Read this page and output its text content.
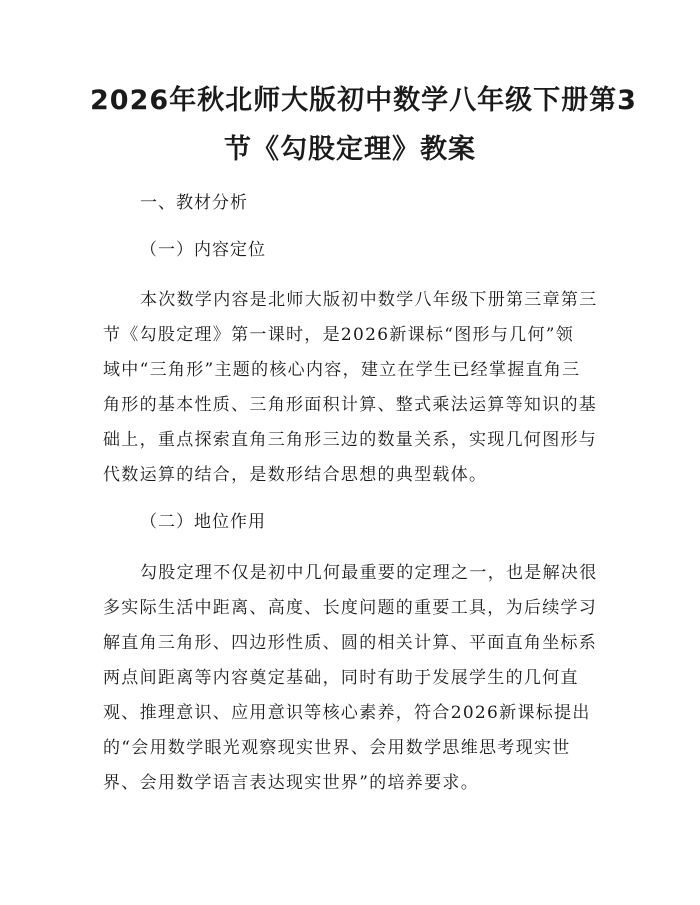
2026年秋北师大版初中数学八年级下册第3
节《勾股定理》教案

一、教材分析

（一）内容定位

本次数学内容是北师大版初中数学八年级下册第三章第三
节《勾股定理》第一课时，是2026新课标“图形与几何”领
域中“三角形”主题的核心内容，建立在学生已经掌握直角三
角形的基本性质、三角形面积计算、整式乘法运算等知识的基
础上，重点探索直角三角形三边的数量关系，实现几何图形与
代数运算的结合，是数形结合思想的典型载体。

（二）地位作用

勾股定理不仅是初中几何最重要的定理之一，也是解决很
多实际生活中距离、高度、长度问题的重要工具，为后续学习
解直角三角形、四边形性质、圆的相关计算、平面直角坐标系
两点间距离等内容奠定基础，同时有助于发展学生的几何直
观、推理意识、应用意识等核心素养，符合2026新课标提出
的“会用数学眼光观察现实世界、会用数学思维思考现实世
界、会用数学语言表达现实世界”的培养要求。
